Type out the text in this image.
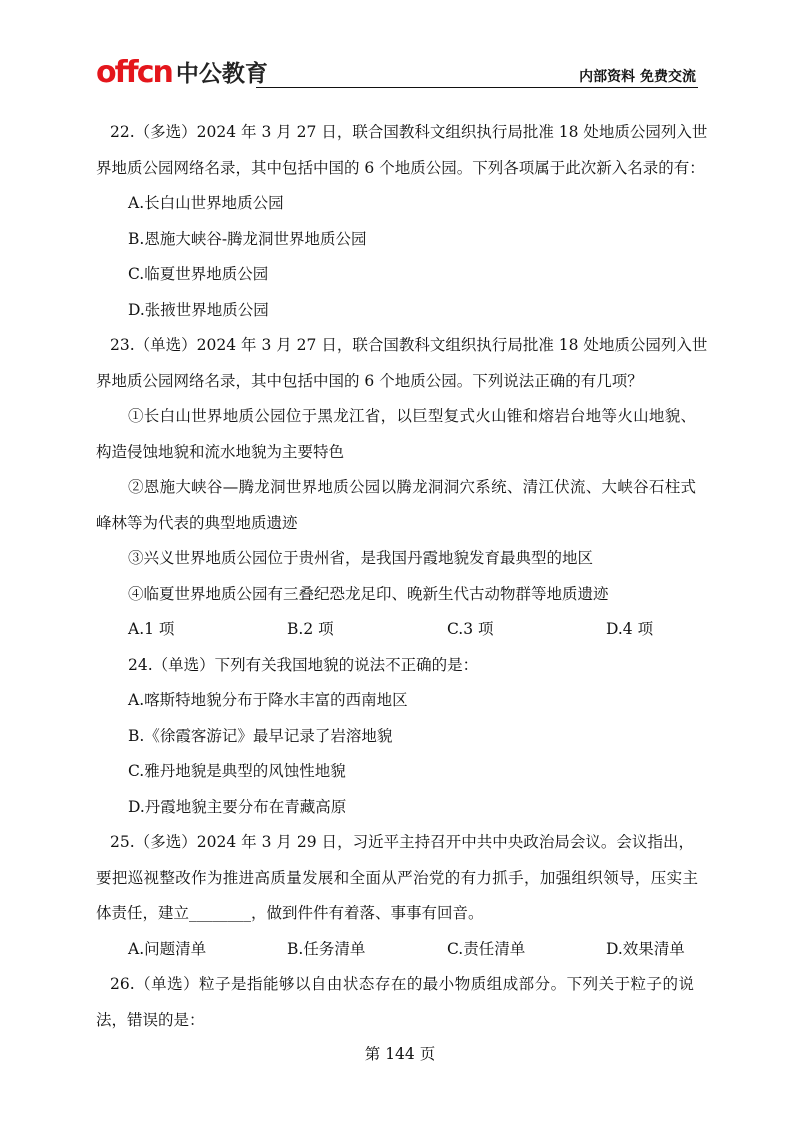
offcn 中公教育	内部资料 免费交流
22.（多选）2024 年 3 月 27 日，联合国教科文组织执行局批准 18 处地质公园列入世
界地质公园网络名录，其中包括中国的 6 个地质公园。下列各项属于此次新入名录的有：
A.长白山世界地质公园
B.恩施大峡谷-腾龙洞世界地质公园
C.临夏世界地质公园
D.张掖世界地质公园
23.（单选）2024 年 3 月 27 日，联合国教科文组织执行局批准 18 处地质公园列入世
界地质公园网络名录，其中包括中国的 6 个地质公园。下列说法正确的有几项？
①长白山世界地质公园位于黑龙江省，以巨型复式火山锥和熔岩台地等火山地貌、
构造侵蚀地貌和流水地貌为主要特色
②恩施大峡谷—腾龙洞世界地质公园以腾龙洞洞穴系统、清江伏流、大峡谷石柱式
峰林等为代表的典型地质遗迹
③兴义世界地质公园位于贵州省，是我国丹霞地貌发育最典型的地区
④临夏世界地质公园有三叠纪恐龙足印、晚新生代古动物群等地质遗迹
A.1 项	B.2 项	C.3 项	D.4 项
24.（单选）下列有关我国地貌的说法不正确的是：
A.喀斯特地貌分布于降水丰富的西南地区
B.《徐霞客游记》最早记录了岩溶地貌
C.雅丹地貌是典型的风蚀性地貌
D.丹霞地貌主要分布在青藏高原
25.（多选）2024 年 3 月 29 日，习近平主持召开中共中央政治局会议。会议指出，
要把巡视整改作为推进高质量发展和全面从严治党的有力抓手，加强组织领导，压实主
体责任，建立________，做到件件有着落、事事有回音。
A.问题清单	B.任务清单	C.责任清单	D.效果清单
26.（单选）粒子是指能够以自由状态存在的最小物质组成部分。下列关于粒子的说
法，错误的是：
第 144 页
